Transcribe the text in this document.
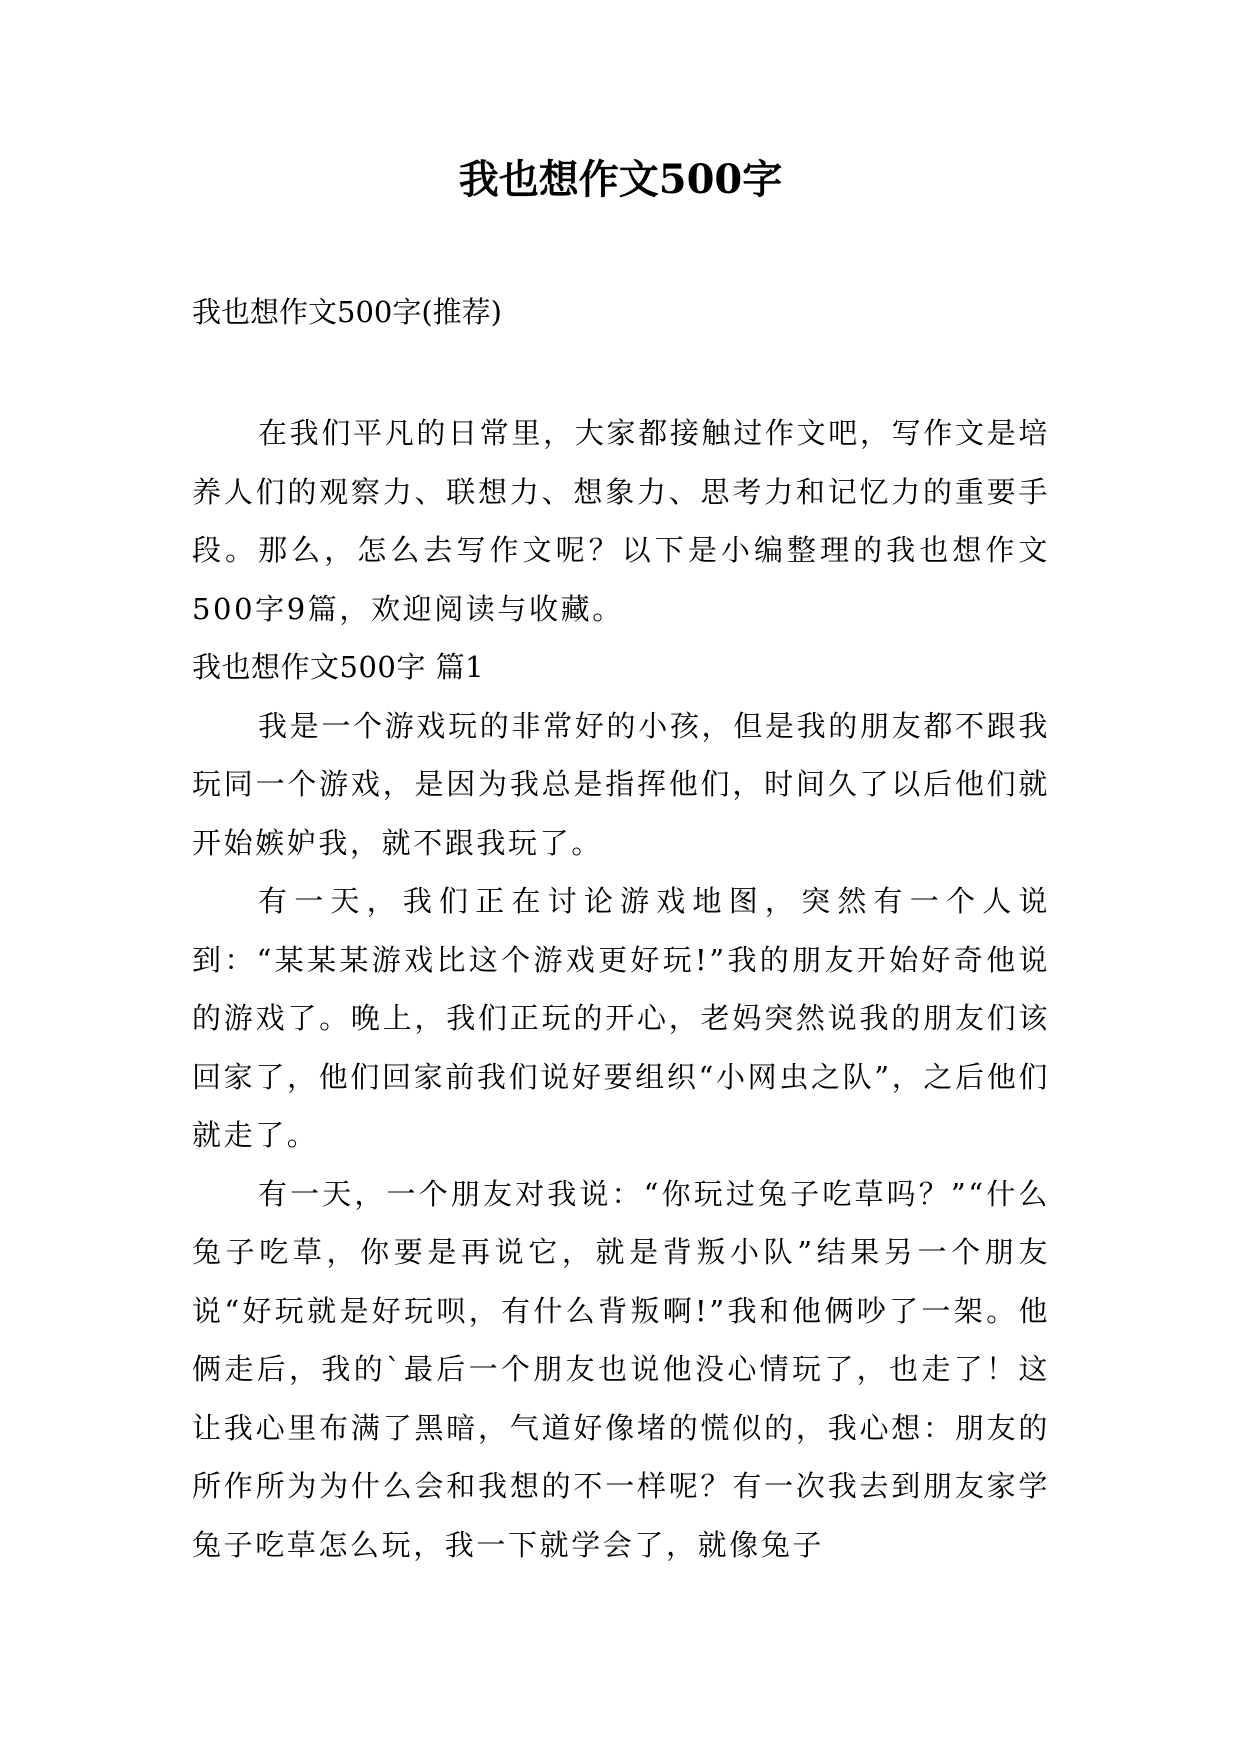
我也想作文500字
我也想作文500字(推荐)

在我们平凡的日常里，大家都接触过作文吧，写作文是培养人们的观察力、联想力、想象力、思考力和记忆力的重要手段。那么，怎么去写作文呢？以下是小编整理的我也想作文500字9篇，欢迎阅读与收藏。

我也想作文500字 篇1

我是一个游戏玩的非常好的小孩，但是我的朋友都不跟我玩同一个游戏，是因为我总是指挥他们，时间久了以后他们就开始嫉妒我，就不跟我玩了。

有一天，我们正在讨论游戏地图，突然有一个人说到：“某某某游戏比这个游戏更好玩!”我的朋友开始好奇他说的游戏了。晚上，我们正玩的开心，老妈突然说我的朋友们该回家了，他们回家前我们说好要组织“小网虫之队”，之后他们就走了。

有一天，一个朋友对我说：“你玩过兔子吃草吗？”“什么兔子吃草，你要是再说它，就是背叛小队”结果另一个朋友说“好玩就是好玩呗，有什么背叛啊!”我和他俩吵了一架。他俩走后，我的`最后一个朋友也说他没心情玩了，也走了！这让我心里布满了黑暗，气道好像堵的慌似的，我心想：朋友的所作所为为什么会和我想的不一样呢？有一次我去到朋友家学兔子吃草怎么玩，我一下就学会了，就像兔子
